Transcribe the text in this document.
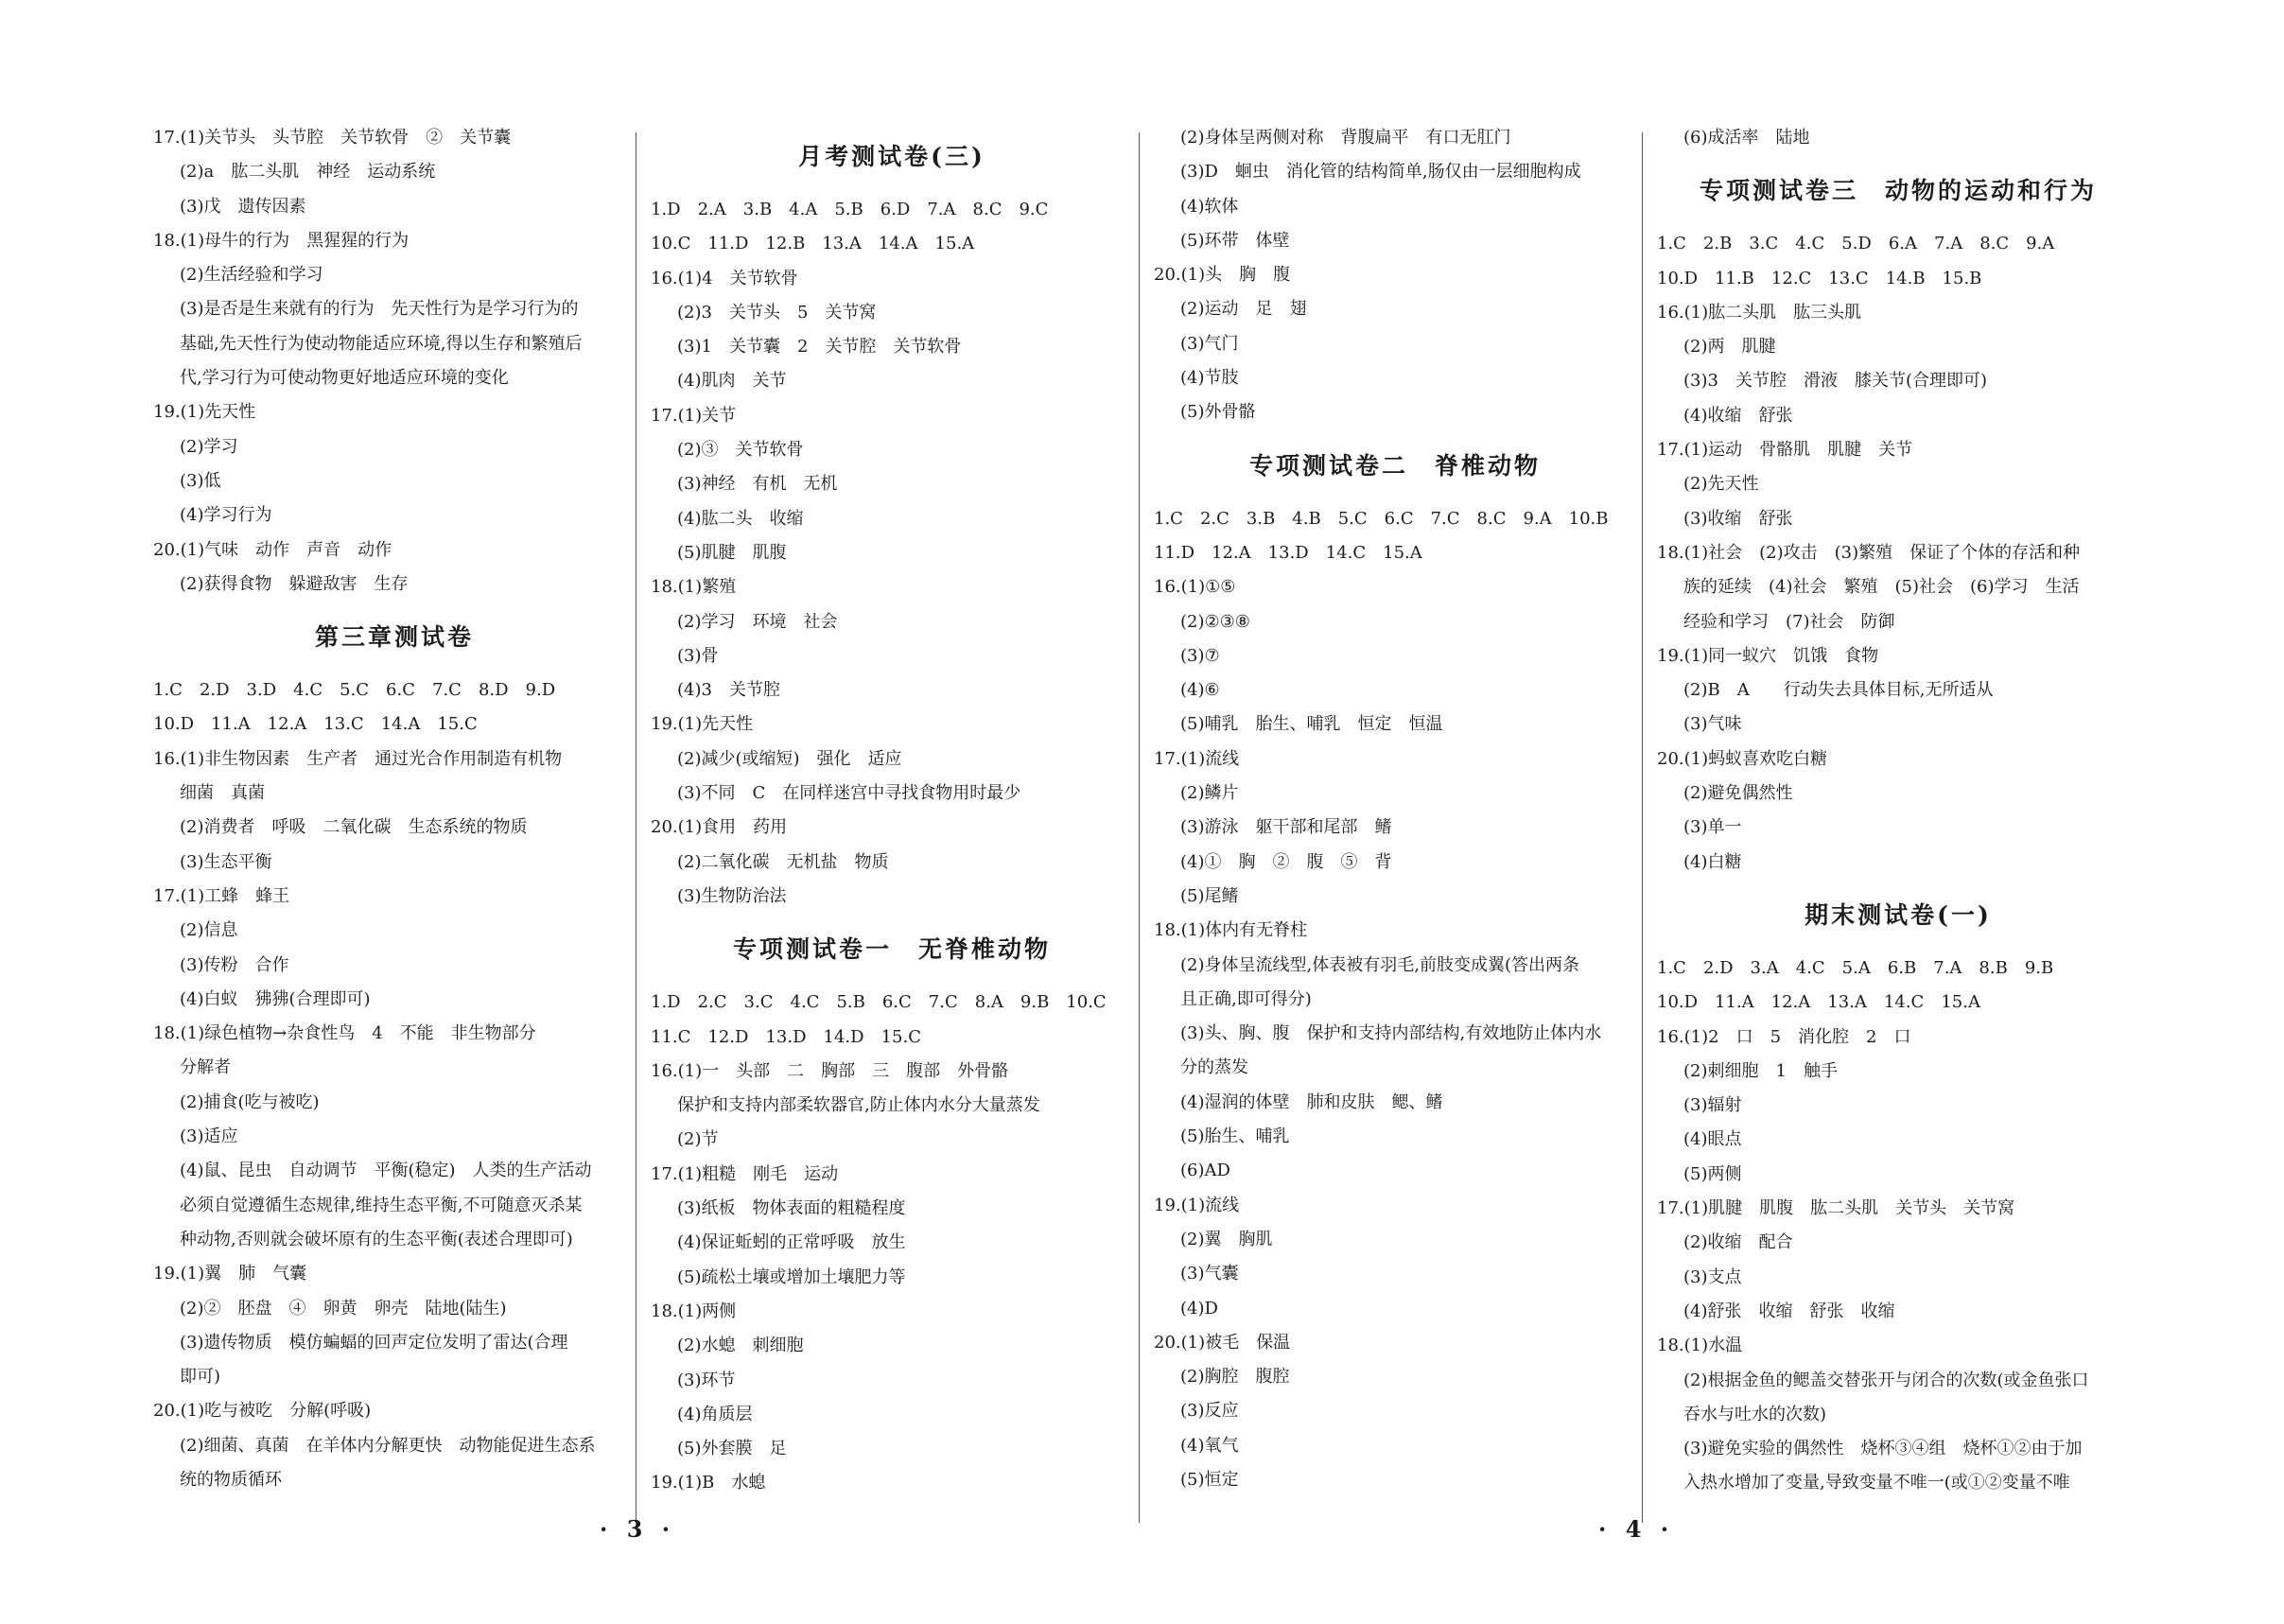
17.(1)关节头　头节腔　关节软骨　②　关节囊
(2)a　肱二头肌　神经　运动系统
(3)戊　遗传因素
18.(1)母牛的行为　黑猩猩的行为
(2)生活经验和学习
(3)是否是生来就有的行为　先天性行为是学习行为的
基础,先天性行为使动物能适应环境,得以生存和繁殖后
代,学习行为可使动物更好地适应环境的变化
19.(1)先天性
(2)学习
(3)低
(4)学习行为
20.(1)气味　动作　声音　动作
(2)获得食物　躲避敌害　生存
第三章测试卷
1.C　2.D　3.D　4.C　5.C　6.C　7.C　8.D　9.D
10.D　11.A　12.A　13.C　14.A　15.C
16.(1)非生物因素　生产者　通过光合作用制造有机物
细菌　真菌
(2)消费者　呼吸　二氧化碳　生态系统的物质
(3)生态平衡
17.(1)工蜂　蜂王
(2)信息
(3)传粉　合作
(4)白蚁　狒狒(合理即可)
18.(1)绿色植物→杂食性鸟　4　不能　非生物部分
分解者
(2)捕食(吃与被吃)
(3)适应
(4)鼠、昆虫　自动调节　平衡(稳定)　人类的生产活动
必须自觉遵循生态规律,维持生态平衡,不可随意灭杀某
种动物,否则就会破坏原有的生态平衡(表述合理即可)
19.(1)翼　肺　气囊
(2)②　胚盘　④　卵黄　卵壳　陆地(陆生)
(3)遗传物质　模仿蝙蝠的回声定位发明了雷达(合理
即可)
20.(1)吃与被吃　分解(呼吸)
(2)细菌、真菌　在羊体内分解更快　动物能促进生态系
统的物质循环
月考测试卷(三)
1.D　2.A　3.B　4.A　5.B　6.D　7.A　8.C　9.C
10.C　11.D　12.B　13.A　14.A　15.A
16.(1)4　关节软骨
(2)3　关节头　5　关节窝
(3)1　关节囊　2　关节腔　关节软骨
(4)肌肉　关节
17.(1)关节
(2)③　关节软骨
(3)神经　有机　无机
(4)肱二头　收缩
(5)肌腱　肌腹
18.(1)繁殖
(2)学习　环境　社会
(3)骨
(4)3　关节腔
19.(1)先天性
(2)减少(或缩短)　强化　适应
(3)不同　C　在同样迷宫中寻找食物用时最少
20.(1)食用　药用
(2)二氧化碳　无机盐　物质
(3)生物防治法
专项测试卷一　无脊椎动物
1.D　2.C　3.C　4.C　5.B　6.C　7.C　8.A　9.B　10.C
11.C　12.D　13.D　14.D　15.C
16.(1)一　头部　二　胸部　三　腹部　外骨骼
保护和支持内部柔软器官,防止体内水分大量蒸发
(2)节
17.(1)粗糙　刚毛　运动
(3)纸板　物体表面的粗糙程度
(4)保证蚯蚓的正常呼吸　放生
(5)疏松土壤或增加土壤肥力等
18.(1)两侧
(2)水螅　刺细胞
(3)环节
(4)角质层
(5)外套膜　足
19.(1)B　水螅
(2)身体呈两侧对称　背腹扁平　有口无肛门
(3)D　蛔虫　消化管的结构简单,肠仅由一层细胞构成
(4)软体
(5)环带　体壁
20.(1)头　胸　腹
(2)运动　足　翅
(3)气门
(4)节肢
(5)外骨骼
专项测试卷二　脊椎动物
1.C　2.C　3.B　4.B　5.C　6.C　7.C　8.C　9.A　10.B
11.D　12.A　13.D　14.C　15.A
16.(1)①⑤
(2)②③⑧
(3)⑦
(4)⑥
(5)哺乳　胎生、哺乳　恒定　恒温
17.(1)流线
(2)鳞片
(3)游泳　躯干部和尾部　鳍
(4)①　胸　②　腹　⑤　背
(5)尾鳍
18.(1)体内有无脊柱
(2)身体呈流线型,体表被有羽毛,前肢变成翼(答出两条
且正确,即可得分)
(3)头、胸、腹　保护和支持内部结构,有效地防止体内水
分的蒸发
(4)湿润的体壁　肺和皮肤　鳃、鳍
(5)胎生、哺乳
(6)AD
19.(1)流线
(2)翼　胸肌
(3)气囊
(4)D
20.(1)被毛　保温
(2)胸腔　腹腔
(3)反应
(4)氧气
(5)恒定
(6)成活率　陆地
专项测试卷三　动物的运动和行为
1.C　2.B　3.C　4.C　5.D　6.A　7.A　8.C　9.A
10.D　11.B　12.C　13.C　14.B　15.B
16.(1)肱二头肌　肱三头肌
(2)两　肌腱
(3)3　关节腔　滑液　膝关节(合理即可)
(4)收缩　舒张
17.(1)运动　骨骼肌　肌腱　关节
(2)先天性
(3)收缩　舒张
18.(1)社会　(2)攻击　(3)繁殖　保证了个体的存活和种
族的延续　(4)社会　繁殖　(5)社会　(6)学习　生活
经验和学习　(7)社会　防御
19.(1)同一蚁穴　饥饿　食物
(2)B　A　　行动失去具体目标,无所适从
(3)气味
20.(1)蚂蚁喜欢吃白糖
(2)避免偶然性
(3)单一
(4)白糖
期末测试卷(一)
1.C　2.D　3.A　4.C　5.A　6.B　7.A　8.B　9.B
10.D　11.A　12.A　13.A　14.C　15.A
16.(1)2　口　5　消化腔　2　口
(2)刺细胞　1　触手
(3)辐射
(4)眼点
(5)两侧
17.(1)肌腱　肌腹　肱二头肌　关节头　关节窝
(2)收缩　配合
(3)支点
(4)舒张　收缩　舒张　收缩
18.(1)水温
(2)根据金鱼的鳃盖交替张开与闭合的次数(或金鱼张口
吞水与吐水的次数)
(3)避免实验的偶然性　烧杯③④组　烧杯①②由于加
入热水增加了变量,导致变量不唯一(或①②变量不唯
· 3 ·	· 4 ·
